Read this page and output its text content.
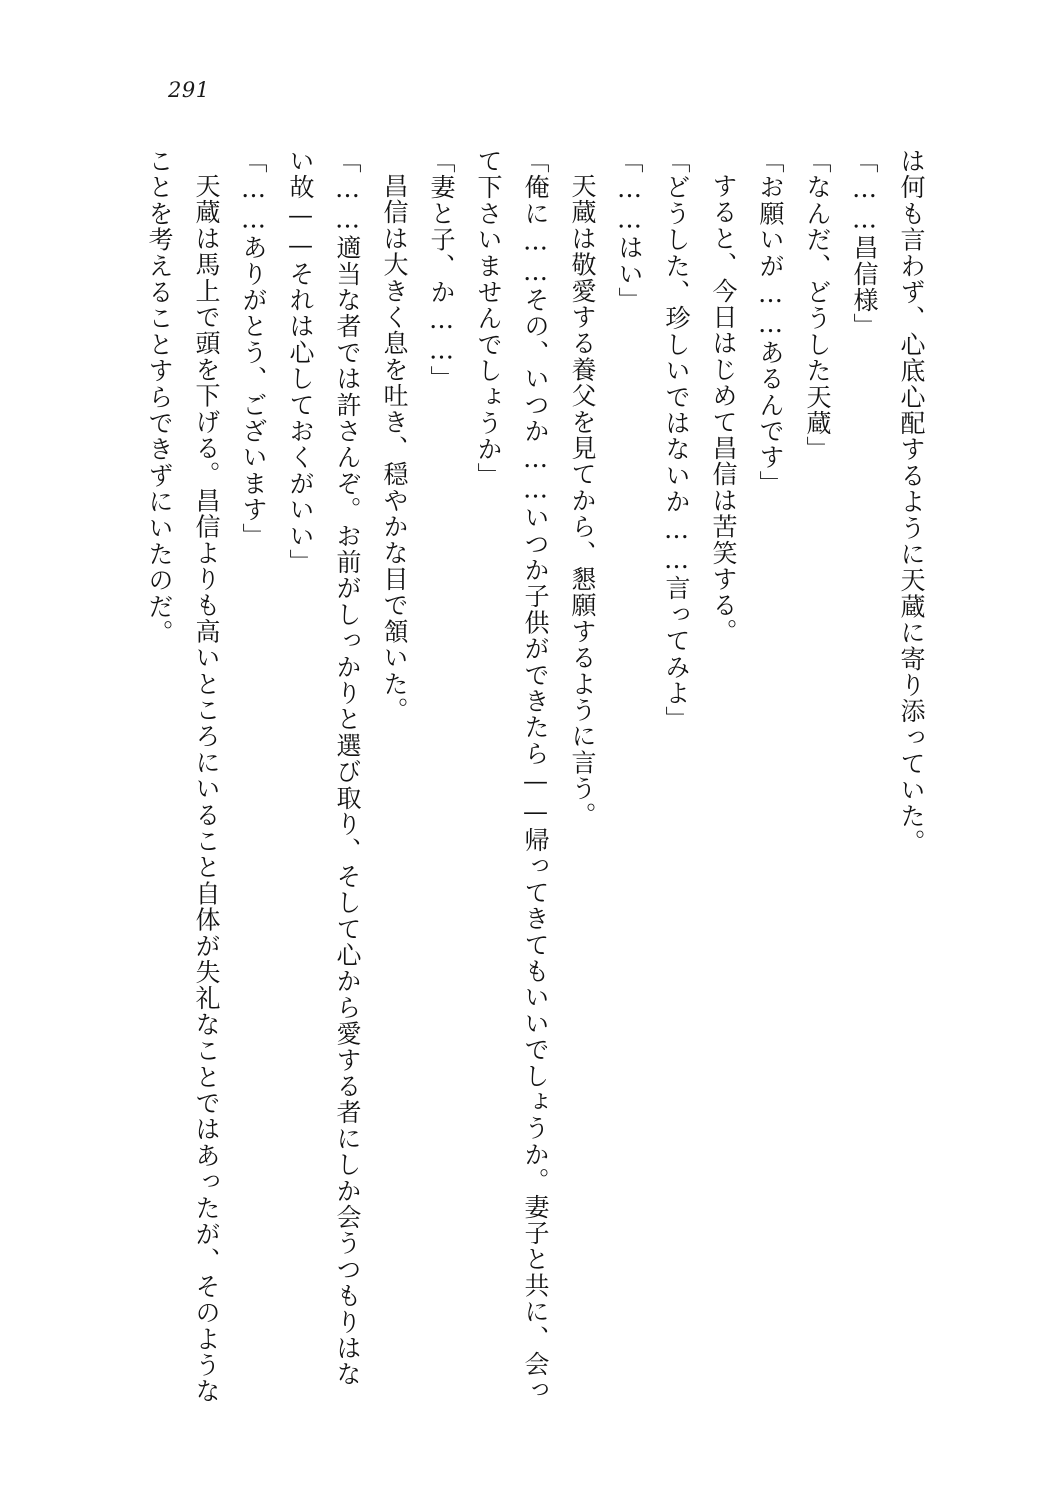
291

は何も言わず、心底心配するように天蔵に寄り添っていた。

「……昌信様」

「なんだ、どうした天蔵」

「お願いが……あるんです」

すると、今日はじめて昌信は苦笑する。

「どうした、珍しいではないか……言ってみよ」

「……はい」

天蔵は敬愛する養父を見てから、懇願するように言う。

「俺に……その、いつか……いつか子供ができたら——帰ってきてもいいでしょうか。妻子と共に、会って下さいませんでしょうか」

「妻と子、か……」

昌信は大きく息を吐き、穏やかな目で頷いた。

「……適当な者では許さんぞ。お前がしっかりと選び取り、そして心から愛する者にしか会うつもりはない故——それは心しておくがいい」

「……ありがとう、ございます」

天蔵は馬上で頭を下げる。昌信よりも高いところにいること自体が失礼なことではあったが、そのようなことを考えることすらできずにいたのだ。
